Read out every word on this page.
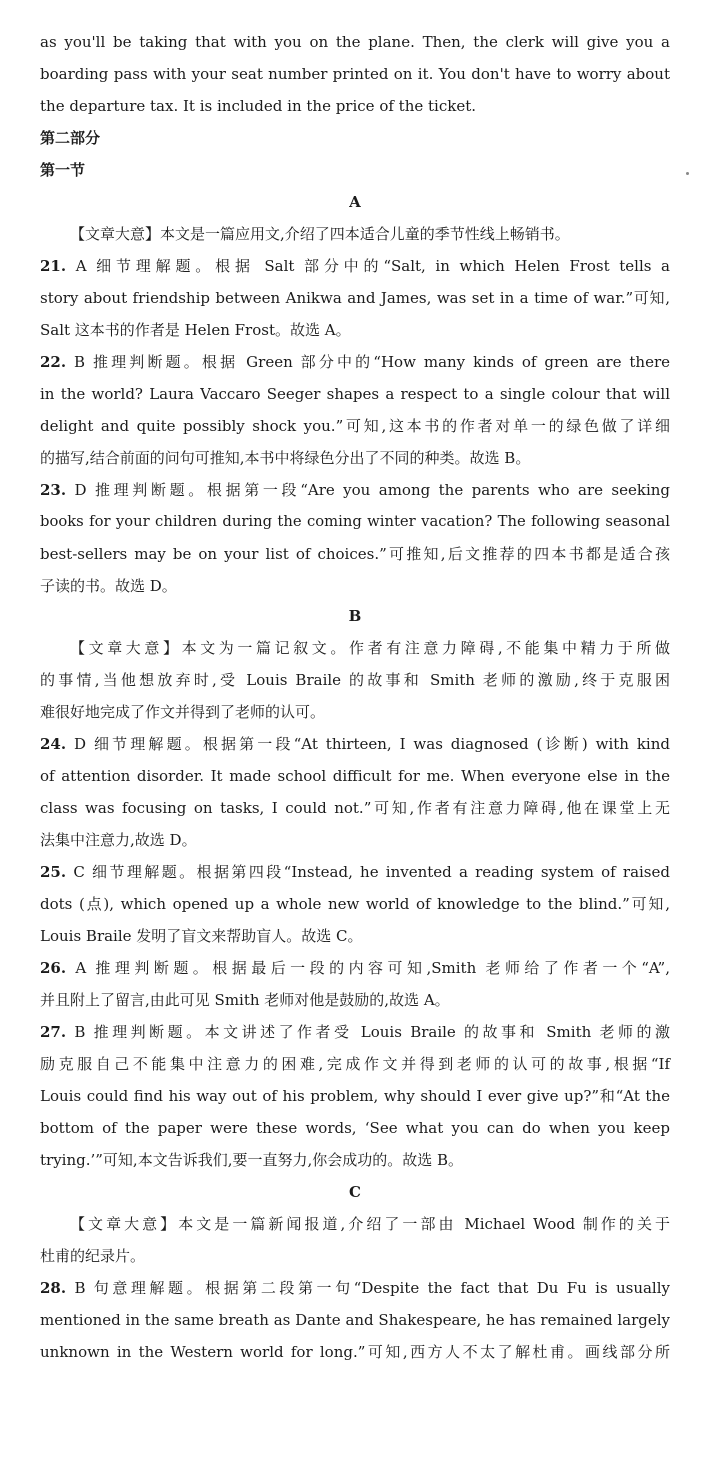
as you'll be taking that with you on the plane. Then, the clerk will give you a
boarding pass with your seat number printed on it. You don't have to worry about
the departure tax. It is included in the price of the ticket.
第二部分
第一节
A
【文章大意】本文是一篇应用文,介绍了四本适合儿童的季节性线上畅销书。
21. A 细节理解题。根据 Salt 部分中的“Salt, in which Helen Frost tells a
story about friendship between Anikwa and James, was set in a time of war.”可知,
Salt 这本书的作者是 Helen Frost。故选 A。
22. B 推理判断题。根据 Green 部分中的“How many kinds of green are there
in the world? Laura Vaccaro Seeger shapes a respect to a single colour that will
delight and quite possibly shock you.”可知,这本书的作者对单一的绿色做了详细
的描写,结合前面的问句可推知,本书中将绿色分出了不同的种类。故选 B。
23. D 推理判断题。根据第一段“Are you among the parents who are seeking
books for your children during the coming winter vacation? The following seasonal
best-sellers may be on your list of choices.”可推知,后文推荐的四本书都是适合孩
子读的书。故选 D。
B
【文章大意】本文为一篇记叙文。作者有注意力障碍,不能集中精力于所做
的事情,当他想放弃时,受 Louis Braile 的故事和 Smith 老师的激励,终于克服困
难很好地完成了作文并得到了老师的认可。
24. D 细节理解题。根据第一段“At thirteen, I was diagnosed (诊断) with kind
of attention disorder. It made school difficult for me. When everyone else in the
class was focusing on tasks, I could not.”可知,作者有注意力障碍,他在课堂上无
法集中注意力,故选 D。
25. C 细节理解题。根据第四段“Instead, he invented a reading system of raised
dots (点), which opened up a whole new world of knowledge to the blind.”可知,
Louis Braile 发明了盲文来帮助盲人。故选 C。
26. A 推理判断题。根据最后一段的内容可知,Smith 老师给了作者一个“A”,
并且附上了留言,由此可见 Smith 老师对他是鼓励的,故选 A。
27. B 推理判断题。本文讲述了作者受 Louis Braile 的故事和 Smith 老师的激
励克服自己不能集中注意力的困难,完成作文并得到老师的认可的故事,根据“If
Louis could find his way out of his problem, why should I ever give up?”和“At the
bottom of the paper were these words, ‘See what you can do when you keep
trying.’”可知,本文告诉我们,要一直努力,你会成功的。故选 B。
C
【文章大意】本文是一篇新闻报道,介绍了一部由 Michael Wood 制作的关于
杜甫的纪录片。
28. B 句意理解题。根据第二段第一句“Despite the fact that Du Fu is usually
mentioned in the same breath as Dante and Shakespeare, he has remained largely
unknown in the Western world for long.”可知,西方人不太了解杜甫。画线部分所
